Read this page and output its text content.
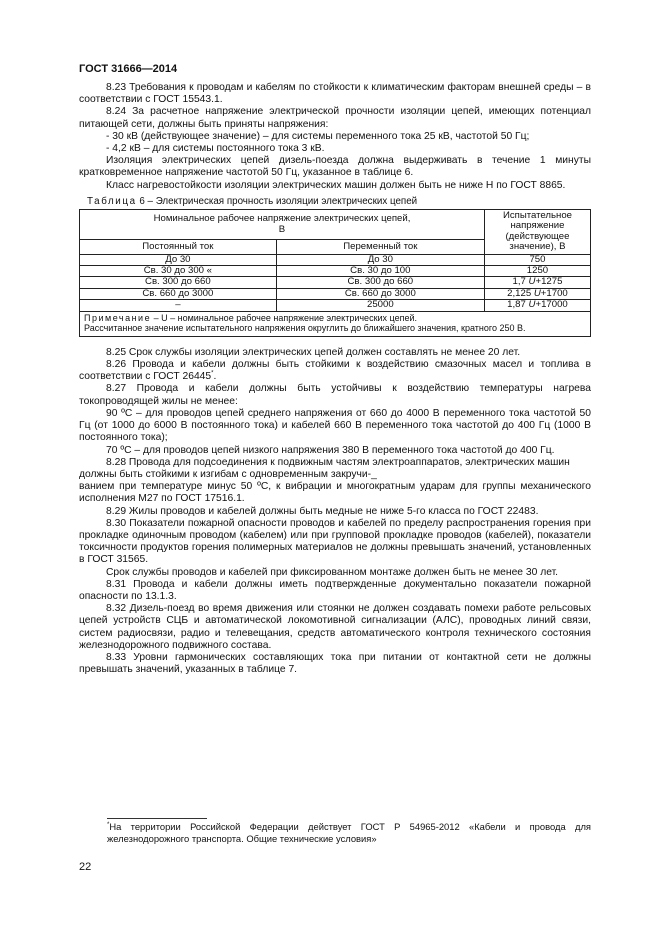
ГОСТ 31666—2014

8.23 Требования к проводам и кабелям по стойкости к климатическим факторам внешней среды – в соответствии с ГОСТ 15543.1.

8.24 За расчетное напряжение электрической прочности изоляции цепей, имеющих потенциал питающей сети, должны быть приняты напряжения:

- 30 кВ (действующее значение) – для системы переменного тока 25 кВ, частотой 50 Гц;

- 4,2 кВ – для системы постоянного тока 3 кВ.

Изоляция электрических цепей дизель-поезда должна выдерживать в течение 1 минуты кратковременное напряжение частотой 50 Гц, указанное в таблице 6.

Класс нагревостойкости изоляции электрических машин должен быть не ниже Н по ГОСТ 8865.

Таблица 6 – Электрическая прочность изоляции электрических цепей
Номинальное рабочее напряжение электрических цепей, В		Испытательное напряжение (действующее значение), В
Постоянный ток	Переменный ток	
До 30	До 30	750
Св. 30 до 300 «	Св. 30 до 100	1250
Св. 300 до 660	Св. 300 до 660	1,7 U+1275
Св. 660 до 3000	Св. 660 до 3000	2,125 U+1700
–	25000	1,87 U+17000
Примечание – U – номинальное рабочее напряжение электрических цепей.
Рассчитанное значение испытательного напряжения округлить до ближайшего значения, кратного 250 В.		

8.25 Срок службы изоляции электрических цепей должен составлять не менее 20 лет.

8.26 Провода и кабели должны быть стойкими к воздействию смазочных масел и топлива в соответствии с ГОСТ 26445*.

8.27 Провода и кабели должны быть устойчивы к воздействию температуры нагрева токопроводящей жилы не менее:

90 ºС – для проводов цепей среднего напряжения от 660 до 4000 В переменного тока частотой 50 Гц (от 1000 до 6000 В постоянного тока) и кабелей 660 В переменного тока частотой до 400 Гц (1000 В постоянного тока);

70 ºС – для проводов цепей низкого напряжения 380 В переменного тока частотой до 400 Гц.

8.28 Провода для подсоединения к подвижным частям электроаппаратов, электрических машин должны быть стойкими к изгибам с одновременным закручи-_

ванием при температуре минус 50 ºС, к вибрации и многократным ударам для группы механического исполнения М27 по ГОСТ 17516.1.

8.29 Жилы проводов и кабелей должны быть медные не ниже 5-го класса по ГОСТ 22483.

8.30 Показатели пожарной опасности проводов и кабелей по пределу распространения горения при прокладке одиночным проводом (кабелем) или при групповой прокладке проводов (кабелей), показатели токсичности продуктов горения полимерных материалов не должны превышать значений, установленных в ГОСТ 31565.

Срок службы проводов и кабелей при фиксированном монтаже должен быть не менее 30 лет.

8.31 Провода и кабели должны иметь подтвержденные документально показатели пожарной опасности по 13.1.3.

8.32 Дизель-поезд во время движения или стоянки не должен создавать помехи работе рельсовых цепей устройств СЦБ и автоматической локомотивной сигнализации (АЛС), проводных линий связи, систем радиосвязи, радио и телевещания, средств автоматического контроля технического состояния железнодорожного подвижного состава.

8.33 Уровни гармонических составляющих тока при питании от контактной сети не должны превышать значений, указанных в таблице 7.

*На территории Российской Федерации действует ГОСТ Р 54965-2012 «Кабели и провода для железнодорожного транспорта. Общие технические условия»
22
